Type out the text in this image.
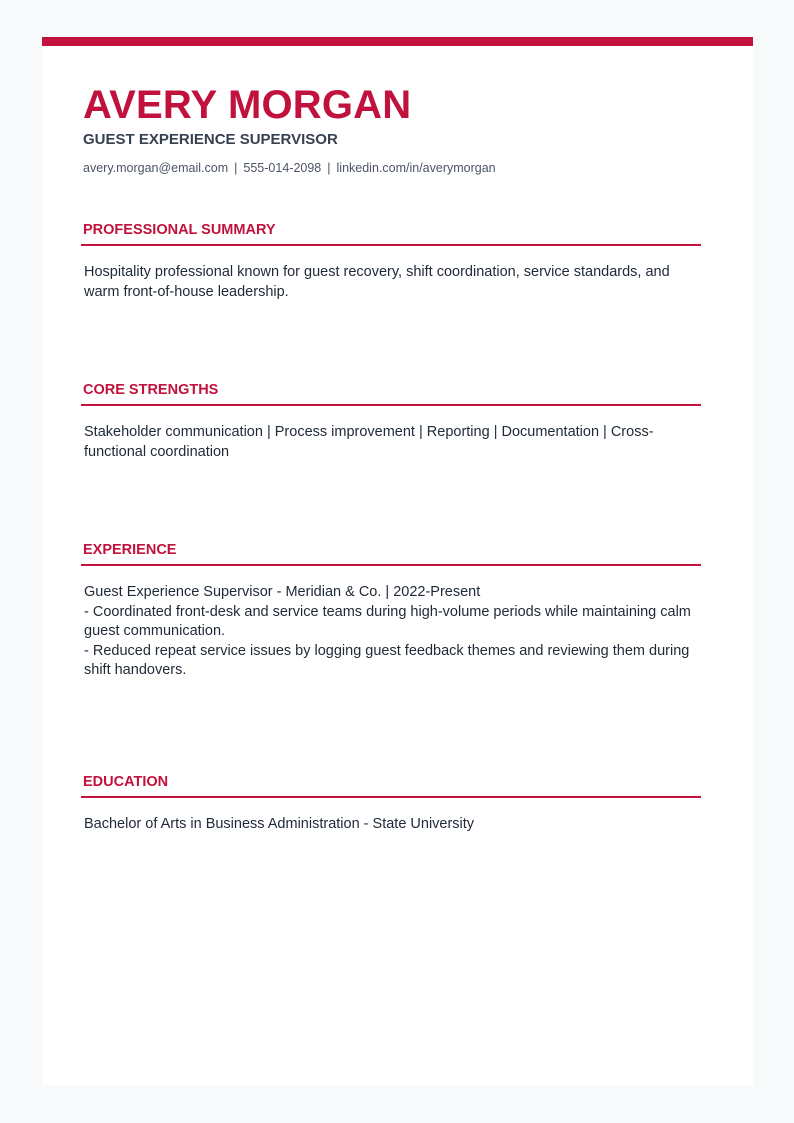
AVERY MORGAN
GUEST EXPERIENCE SUPERVISOR
avery.morgan@email.com | 555-014-2098 | linkedin.com/in/averymorgan
PROFESSIONAL SUMMARY

Hospitality professional known for guest recovery, shift coordination, service standards, and warm front-of-house leadership.

CORE STRENGTHS

Stakeholder communication | Process improvement | Reporting | Documentation | Cross-functional coordination

EXPERIENCE

Guest Experience Supervisor - Meridian & Co. | 2022-Present

- Coordinated front-desk and service teams during high-volume periods while maintaining calm guest communication.

- Reduced repeat service issues by logging guest feedback themes and reviewing them during shift handovers.

EDUCATION

Bachelor of Arts in Business Administration - State University
